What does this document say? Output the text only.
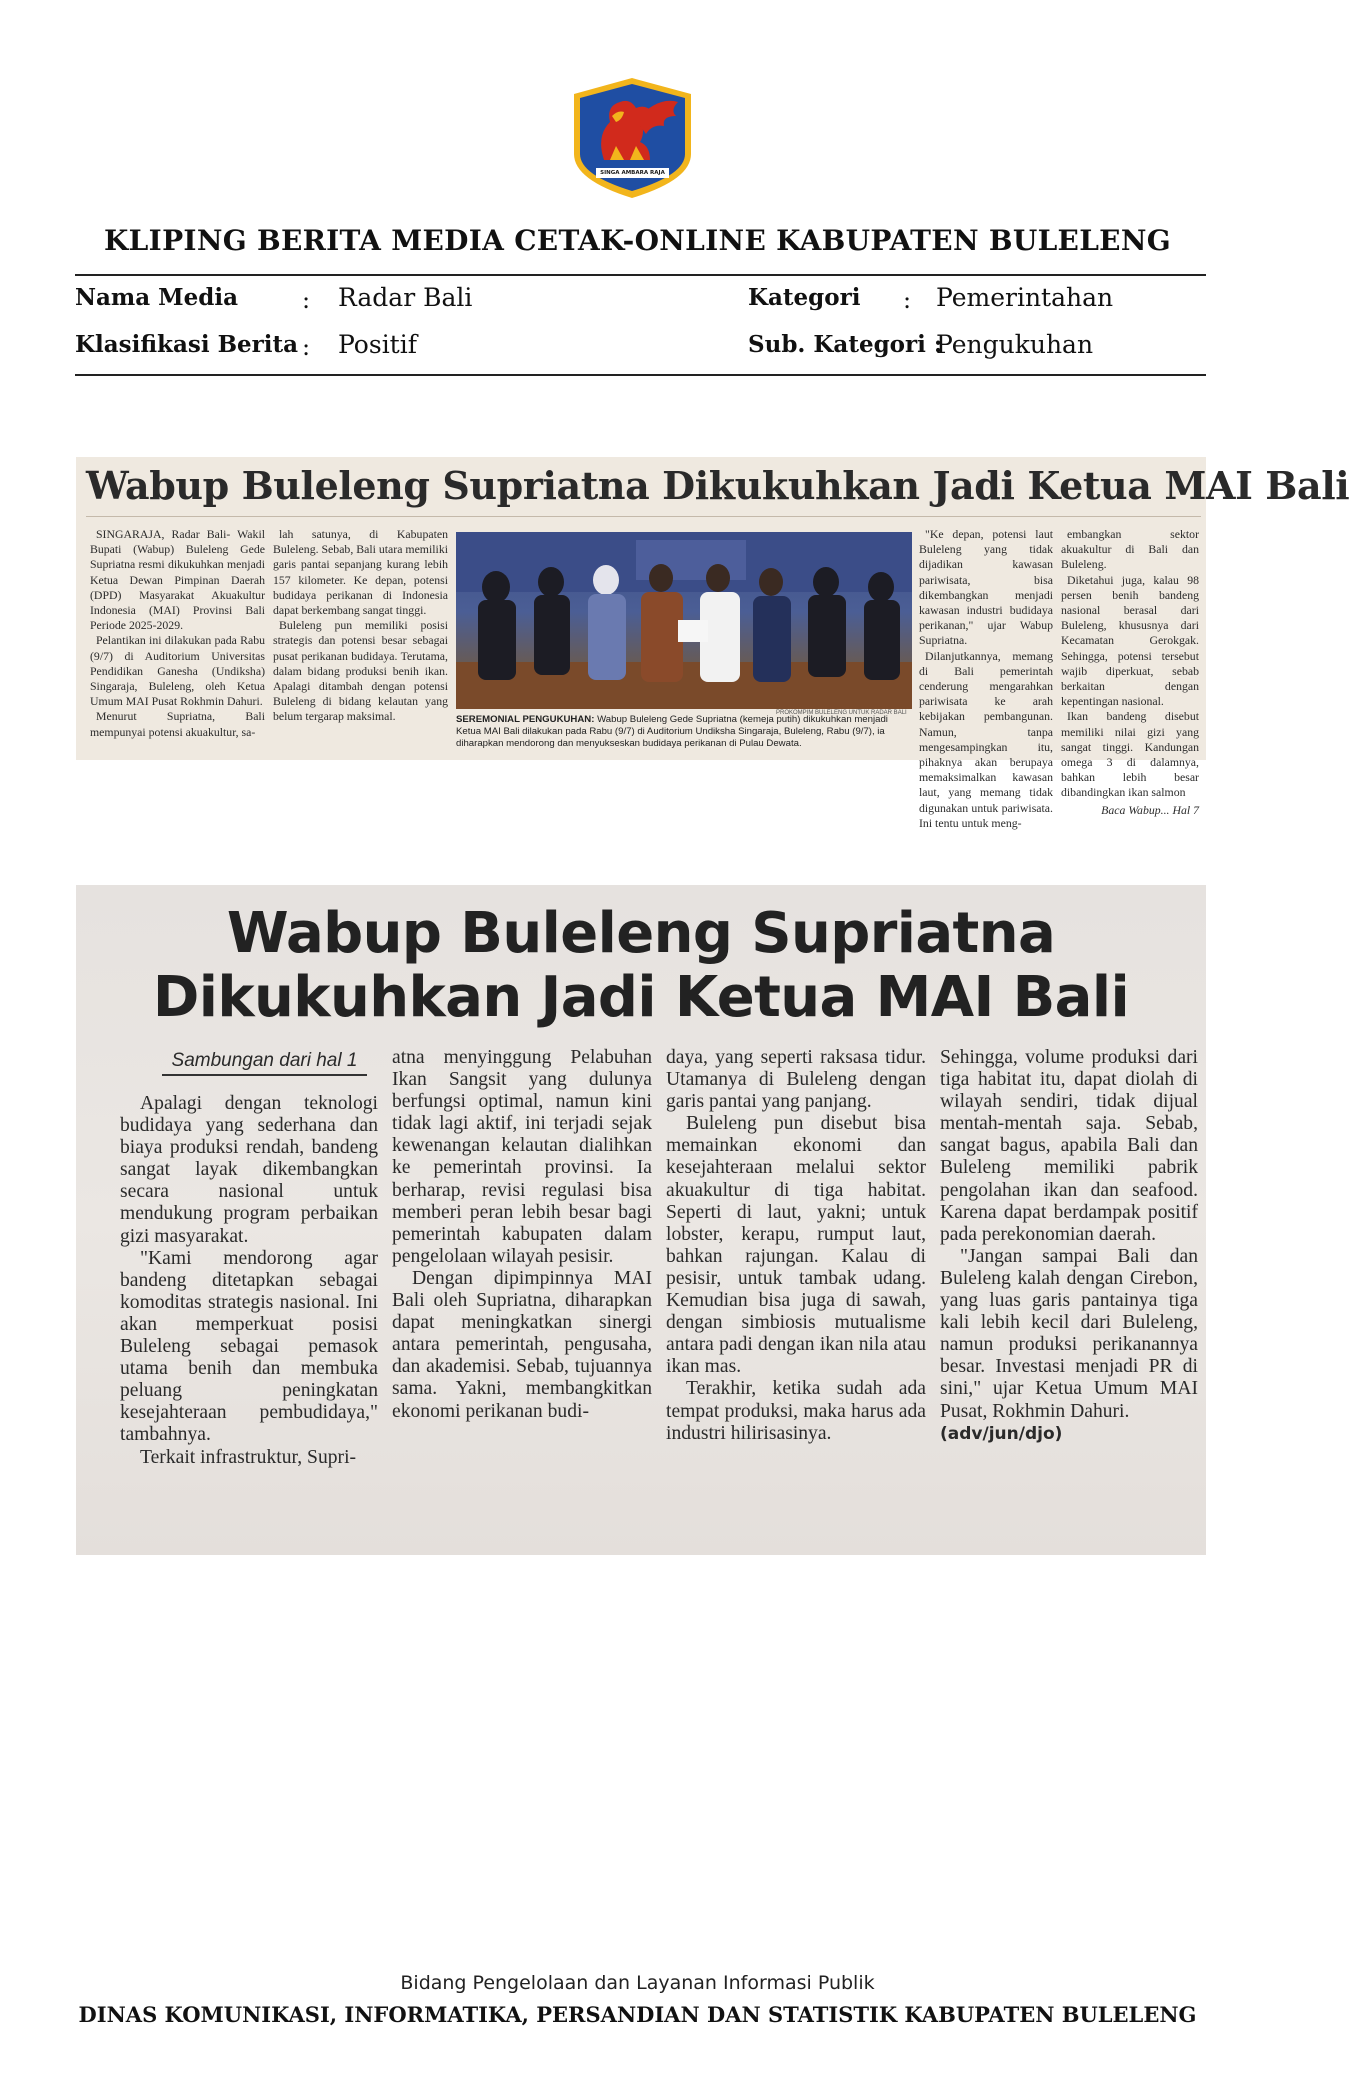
SINGA AMBARA RAJA
KLIPING BERITA MEDIA CETAK-ONLINE KABUPATEN BULELENG
Nama Media	: Radar Bali	Kategori : Pemerintahan
Klasifikasi Berita : Positif	Sub. Kategori :
Pengukuhan
Wabup Buleleng Supriatna Dikukuhkan Jadi Ketua MAI Bali

SINGARAJA, Radar Bali- Wakil Bupati (Wabup) Buleleng Gede Supriatna resmi dikukuhkan menjadi Ketua Dewan Pimpinan Daerah (DPD) Masyarakat Akuakultur Indonesia (MAI) Provinsi Bali Periode 2025-2029.

Pelantikan ini dilakukan pada Rabu (9/7) di Auditorium Universitas Pendidikan Ganesha (Undiksha) Singaraja, Buleleng, oleh Ketua Umum MAI Pusat Rokhmin Dahuri.

Menurut Supriatna, Bali mempunyai potensi akuakultur, sa-

lah satunya, di Kabupaten Buleleng. Sebab, Bali utara memiliki garis pantai sepanjang kurang lebih 157 kilometer. Ke depan, potensi budidaya perikanan di Indonesia dapat berkembang sangat tinggi.

Buleleng pun memiliki posisi strategis dan potensi besar sebagai pusat perikanan budidaya. Terutama, dalam bidang produksi benih ikan. Apalagi ditambah dengan potensi Buleleng di bidang kelautan yang belum tergarap maksimal.	PROKOMPIM BULELENG UNTUK RADAR BALI
SEREMONIAL PENGUKUHAN: Wabup Buleleng Gede Supriatna (kemeja putih) dikukuhkan menjadi Ketua MAI Bali dilakukan pada Rabu (9/7) di Auditorium Undiksha Singaraja, Buleleng, Rabu (9/7), ia diharapkan mendorong dan menyukseskan budidaya perikanan di Pulau Dewata.

"Ke depan, potensi laut Buleleng yang tidak dijadikan kawasan pariwisata, bisa dikembangkan menjadi kawasan industri budidaya perikanan," ujar Wabup Supriatna.

Dilanjutkannya, memang di Bali pemerintah cenderung mengarahkan pariwisata ke arah kebijakan pembangunan. Namun, tanpa mengesampingkan itu, pihaknya akan berupaya memaksimalkan kawasan laut, yang memang tidak digunakan untuk pariwisata. Ini tentu untuk meng-

embangkan sektor akuakultur di Bali dan Buleleng.

Diketahui juga, kalau 98 persen benih bandeng nasional berasal dari Buleleng, khususnya dari Kecamatan Gerokgak. Sehingga, potensi tersebut wajib diperkuat, sebab berkaitan dengan kepentingan nasional.

Ikan bandeng disebut memiliki nilai gizi yang sangat tinggi. Kandungan omega 3 di dalamnya, bahkan lebih besar dibandingkan ikan salmon

Baca Wabup... Hal 7
Wabup Buleleng Supriatna
Dikukuhkan Jadi Ketua MAI Bali
Sambungan dari hal 1

Apalagi dengan teknologi budidaya yang sederhana dan biaya produksi rendah, bandeng sangat layak dikembangkan secara nasional untuk mendukung program perbaikan gizi masyarakat.

"Kami mendorong agar bandeng ditetapkan sebagai komoditas strategis nasional. Ini akan memperkuat posisi Buleleng sebagai pemasok utama benih dan membuka peluang peningkatan kesejahteraan pembudidaya," tambahnya.

Terkait infrastruktur, Supri-

atna menyinggung Pelabuhan Ikan Sangsit yang dulunya berfungsi optimal, namun kini tidak lagi aktif, ini terjadi sejak kewenangan kelautan dialihkan ke pemerintah provinsi. Ia berharap, revisi regulasi bisa memberi peran lebih besar bagi pemerintah kabupaten dalam pengelolaan wilayah pesisir.

Dengan dipimpinnya MAI Bali oleh Supriatna, diharapkan dapat meningkatkan sinergi antara pemerintah, pengusaha, dan akademisi. Sebab, tujuannya sama. Yakni, membangkitkan ekonomi perikanan budi-

daya, yang seperti raksasa tidur. Utamanya di Buleleng dengan garis pantai yang panjang.

Buleleng pun disebut bisa memainkan ekonomi dan kesejahteraan melalui sektor akuakultur di tiga habitat. Seperti di laut, yakni; untuk lobster, kerapu, rumput laut, bahkan rajungan. Kalau di pesisir, untuk tambak udang. Kemudian bisa juga di sawah, dengan simbiosis mutualisme antara padi dengan ikan nila atau ikan mas.

Terakhir, ketika sudah ada tempat produksi, maka harus ada industri hilirisasinya.

Sehingga, volume produksi dari tiga habitat itu, dapat diolah di wilayah sendiri, tidak dijual mentah-mentah saja. Sebab, sangat bagus, apabila Bali dan Buleleng memiliki pabrik pengolahan ikan dan seafood. Karena dapat berdampak positif pada perekonomian daerah.

"Jangan sampai Bali dan Buleleng kalah dengan Cirebon, yang luas garis pantainya tiga kali lebih kecil dari Buleleng, namun produksi perikanannya besar. Investasi menjadi PR di sini," ujar Ketua Umum MAI Pusat, Rokhmin Dahuri.

(adv/jun/djo)
Bidang Pengelolaan dan Layanan Informasi Publik
DINAS KOMUNIKASI, INFORMATIKA, PERSANDIAN DAN STATISTIK KABUPATEN BULELENG
